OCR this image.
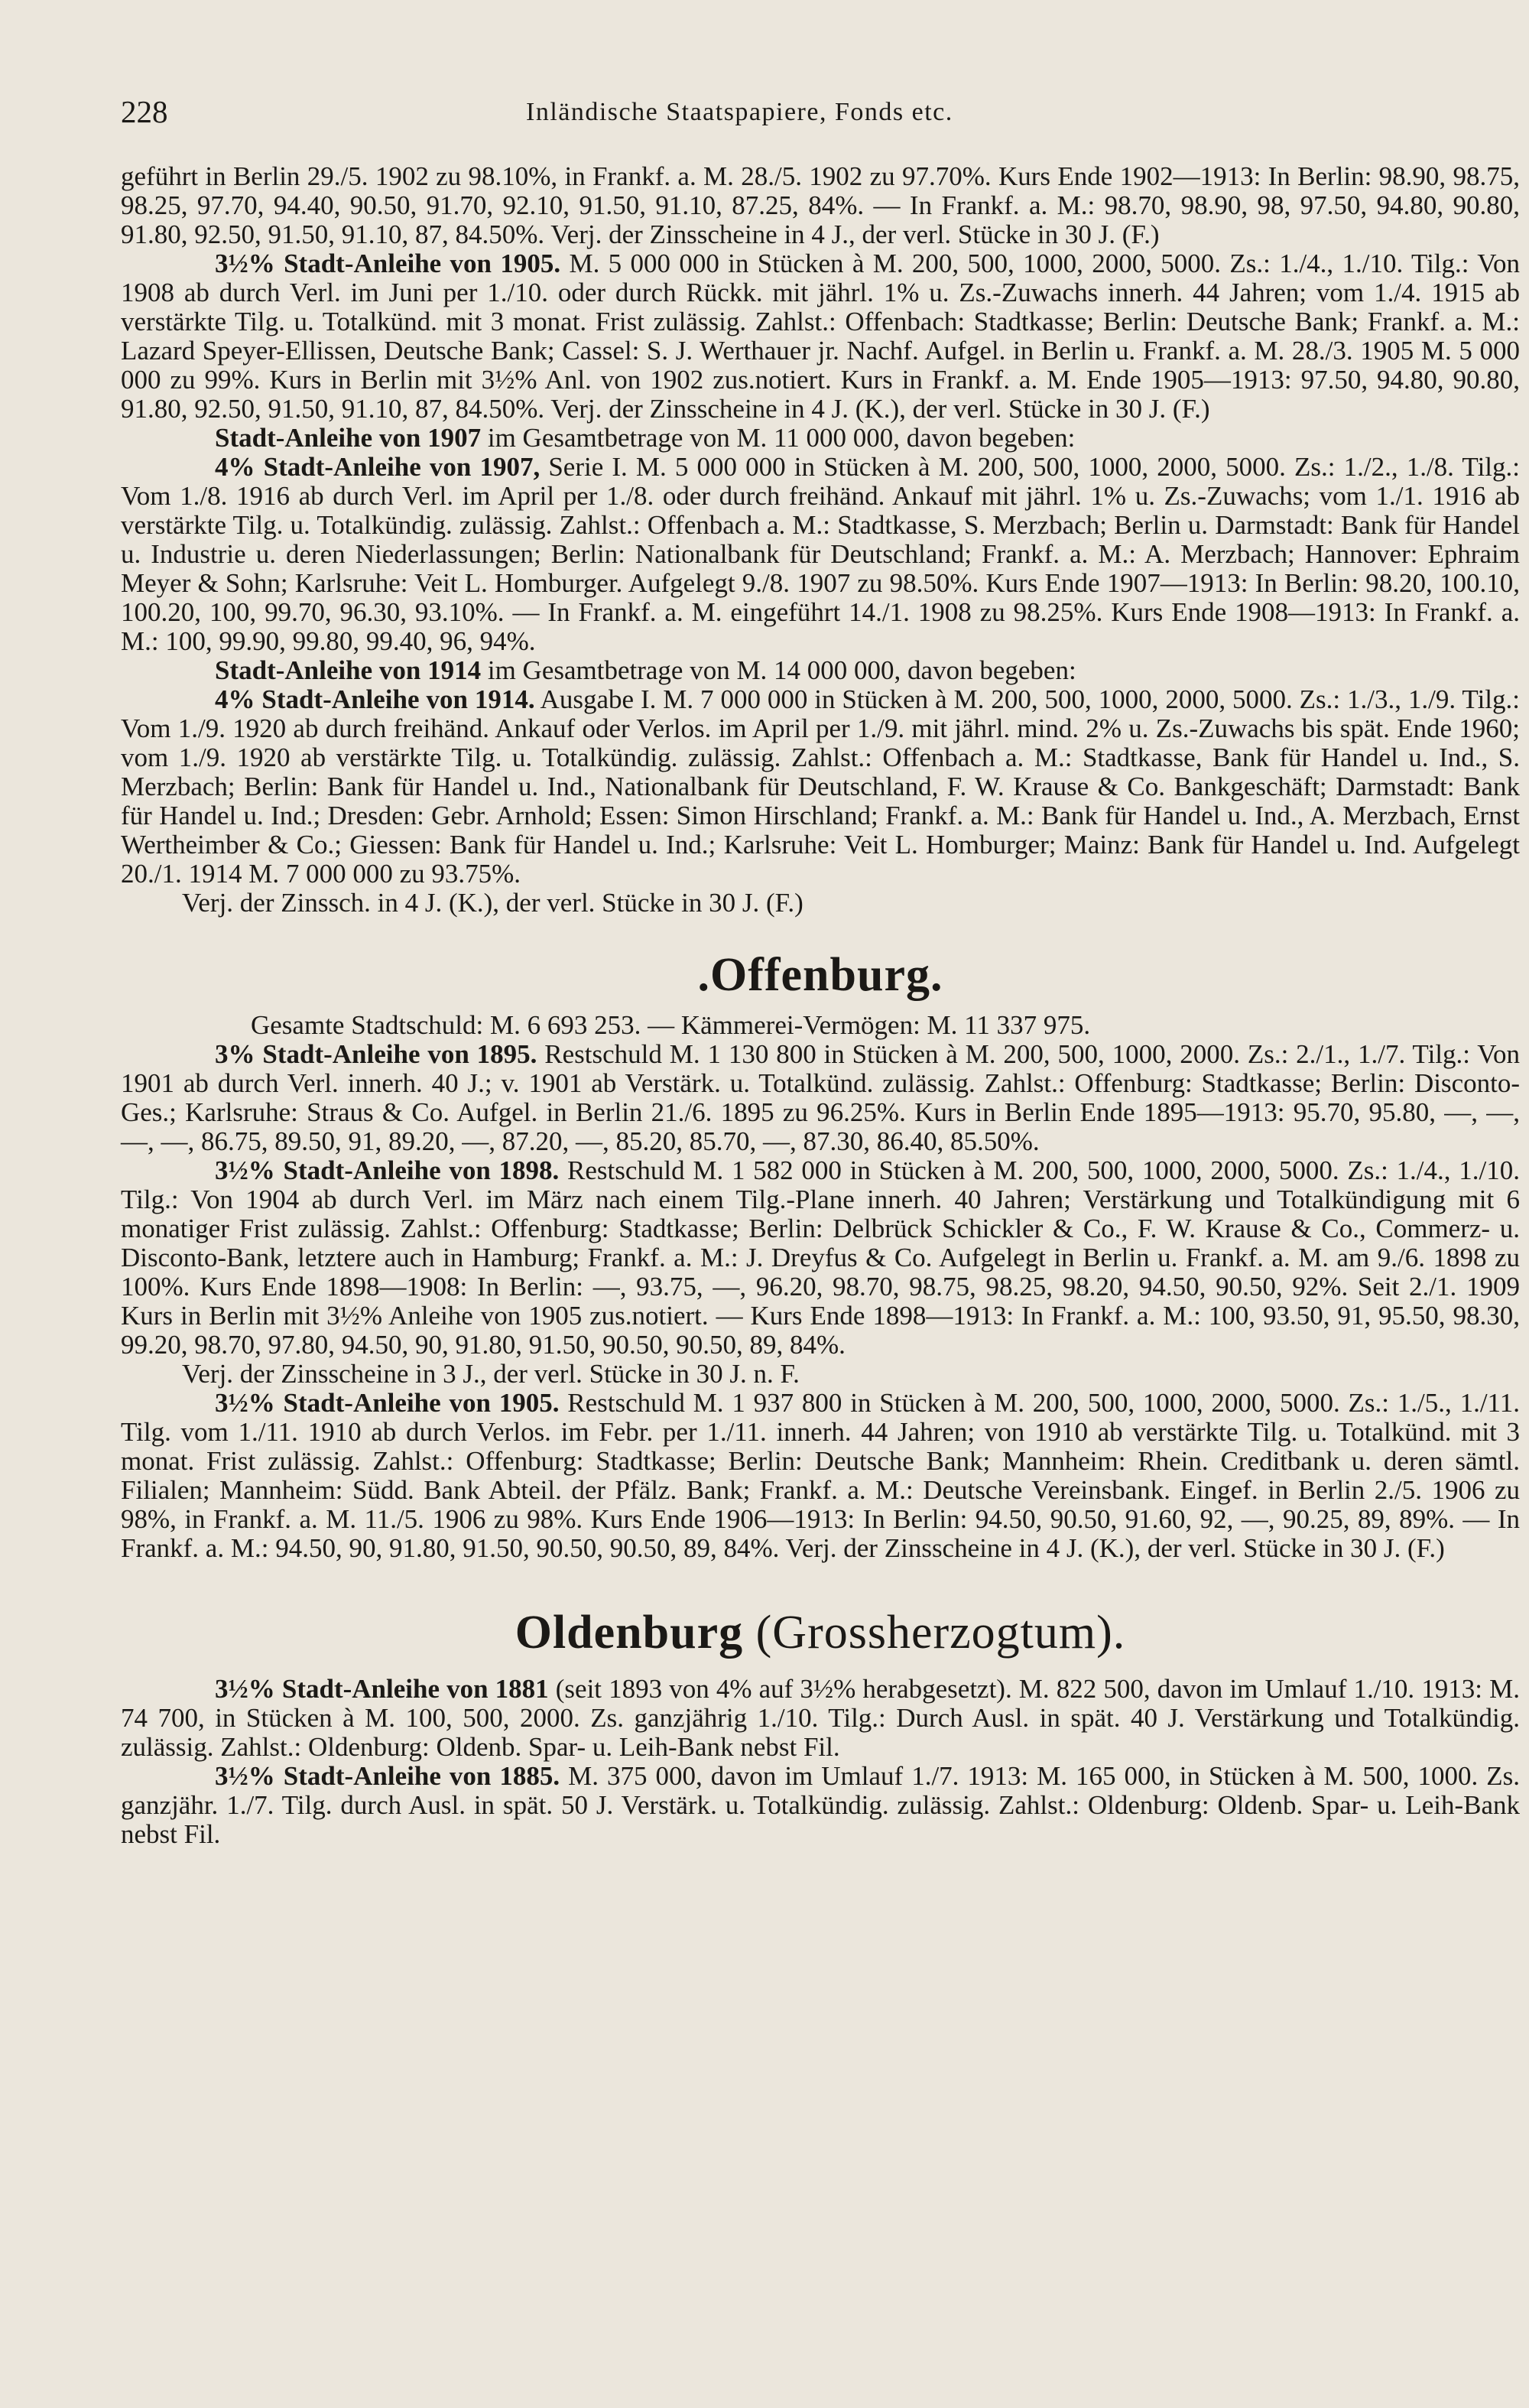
228	Inländische Staatspapiere, Fonds etc.

geführt in Berlin 29./5. 1902 zu 98.10%, in Frankf. a. M. 28./5. 1902 zu 97.70%. Kurs Ende 1902—1913: In Berlin: 98.90, 98.75, 98.25, 97.70, 94.40, 90.50, 91.70, 92.10, 91.50, 91.10, 87.25, 84%. — In Frankf. a. M.: 98.70, 98.90, 98, 97.50, 94.80, 90.80, 91.80, 92.50, 91.50, 91.10, 87, 84.50%. Verj. der Zinsscheine in 4 J., der verl. Stücke in 30 J. (F.)

3½% Stadt-Anleihe von 1905. M. 5 000 000 in Stücken à M. 200, 500, 1000, 2000, 5000. Zs.: 1./4., 1./10. Tilg.: Von 1908 ab durch Verl. im Juni per 1./10. oder durch Rückk. mit jährl. 1% u. Zs.-Zuwachs innerh. 44 Jahren; vom 1./4. 1915 ab verstärkte Tilg. u. Totalkünd. mit 3 monat. Frist zulässig. Zahlst.: Offenbach: Stadtkasse; Berlin: Deutsche Bank; Frankf. a. M.: Lazard Speyer-Ellissen, Deutsche Bank; Cassel: S. J. Werthauer jr. Nachf. Aufgel. in Berlin u. Frankf. a. M. 28./3. 1905 M. 5 000 000 zu 99%. Kurs in Berlin mit 3½% Anl. von 1902 zus.notiert. Kurs in Frankf. a. M. Ende 1905—1913: 97.50, 94.80, 90.80, 91.80, 92.50, 91.50, 91.10, 87, 84.50%. Verj. der Zinsscheine in 4 J. (K.), der verl. Stücke in 30 J. (F.)

Stadt-Anleihe von 1907 im Gesamtbetrage von M. 11 000 000, davon begeben:

4% Stadt-Anleihe von 1907, Serie I. M. 5 000 000 in Stücken à M. 200, 500, 1000, 2000, 5000. Zs.: 1./2., 1./8. Tilg.: Vom 1./8. 1916 ab durch Verl. im April per 1./8. oder durch freihänd. Ankauf mit jährl. 1% u. Zs.-Zuwachs; vom 1./1. 1916 ab verstärkte Tilg. u. Totalkündig. zulässig. Zahlst.: Offenbach a. M.: Stadtkasse, S. Merzbach; Berlin u. Darmstadt: Bank für Handel u. Industrie u. deren Niederlassungen; Berlin: Nationalbank für Deutschland; Frankf. a. M.: A. Merzbach; Hannover: Ephraim Meyer & Sohn; Karlsruhe: Veit L. Homburger. Aufgelegt 9./8. 1907 zu 98.50%. Kurs Ende 1907—1913: In Berlin: 98.20, 100.10, 100.20, 100, 99.70, 96.30, 93.10%. — In Frankf. a. M. eingeführt 14./1. 1908 zu 98.25%. Kurs Ende 1908—1913: In Frankf. a. M.: 100, 99.90, 99.80, 99.40, 96, 94%.

Stadt-Anleihe von 1914 im Gesamtbetrage von M. 14 000 000, davon begeben:

4% Stadt-Anleihe von 1914. Ausgabe I. M. 7 000 000 in Stücken à M. 200, 500, 1000, 2000, 5000. Zs.: 1./3., 1./9. Tilg.: Vom 1./9. 1920 ab durch freihänd. Ankauf oder Verlos. im April per 1./9. mit jährl. mind. 2% u. Zs.-Zuwachs bis spät. Ende 1960; vom 1./9. 1920 ab verstärkte Tilg. u. Totalkündig. zulässig. Zahlst.: Offenbach a. M.: Stadtkasse, Bank für Handel u. Ind., S. Merzbach; Berlin: Bank für Handel u. Ind., Nationalbank für Deutschland, F. W. Krause & Co. Bankgeschäft; Darmstadt: Bank für Handel u. Ind.; Dresden: Gebr. Arnhold; Essen: Simon Hirschland; Frankf. a. M.: Bank für Handel u. Ind., A. Merzbach, Ernst Wertheimber & Co.; Giessen: Bank für Handel u. Ind.; Karlsruhe: Veit L. Homburger; Mainz: Bank für Handel u. Ind. Aufgelegt 20./1. 1914 M. 7 000 000 zu 93.75%.

Verj. der Zinssch. in 4 J. (K.), der verl. Stücke in 30 J. (F.)

.Offenburg.

Gesamte Stadtschuld: M. 6 693 253. — Kämmerei-Vermögen: M. 11 337 975.

3% Stadt-Anleihe von 1895. Restschuld M. 1 130 800 in Stücken à M. 200, 500, 1000, 2000. Zs.: 2./1., 1./7. Tilg.: Von 1901 ab durch Verl. innerh. 40 J.; v. 1901 ab Verstärk. u. Totalkünd. zulässig. Zahlst.: Offenburg: Stadtkasse; Berlin: Disconto-Ges.; Karlsruhe: Straus & Co. Aufgel. in Berlin 21./6. 1895 zu 96.25%. Kurs in Berlin Ende 1895—1913: 95.70, 95.80, —, —, —, —, 86.75, 89.50, 91, 89.20, —, 87.20, —, 85.20, 85.70, —, 87.30, 86.40, 85.50%.

3½% Stadt-Anleihe von 1898. Restschuld M. 1 582 000 in Stücken à M. 200, 500, 1000, 2000, 5000. Zs.: 1./4., 1./10. Tilg.: Von 1904 ab durch Verl. im März nach einem Tilg.-Plane innerh. 40 Jahren; Verstärkung und Totalkündigung mit 6 monatiger Frist zulässig. Zahlst.: Offenburg: Stadtkasse; Berlin: Delbrück Schickler & Co., F. W. Krause & Co., Commerz- u. Disconto-Bank, letztere auch in Hamburg; Frankf. a. M.: J. Dreyfus & Co. Aufgelegt in Berlin u. Frankf. a. M. am 9./6. 1898 zu 100%. Kurs Ende 1898—1908: In Berlin: —, 93.75, —, 96.20, 98.70, 98.75, 98.25, 98.20, 94.50, 90.50, 92%. Seit 2./1. 1909 Kurs in Berlin mit 3½% Anleihe von 1905 zus.notiert. — Kurs Ende 1898—1913: In Frankf. a. M.: 100, 93.50, 91, 95.50, 98.30, 99.20, 98.70, 97.80, 94.50, 90, 91.80, 91.50, 90.50, 90.50, 89, 84%.

Verj. der Zinsscheine in 3 J., der verl. Stücke in 30 J. n. F.

3½% Stadt-Anleihe von 1905. Restschuld M. 1 937 800 in Stücken à M. 200, 500, 1000, 2000, 5000. Zs.: 1./5., 1./11. Tilg. vom 1./11. 1910 ab durch Verlos. im Febr. per 1./11. innerh. 44 Jahren; von 1910 ab verstärkte Tilg. u. Totalkünd. mit 3 monat. Frist zulässig. Zahlst.: Offenburg: Stadtkasse; Berlin: Deutsche Bank; Mannheim: Rhein. Creditbank u. deren sämtl. Filialen; Mannheim: Südd. Bank Abteil. der Pfälz. Bank; Frankf. a. M.: Deutsche Vereinsbank. Eingef. in Berlin 2./5. 1906 zu 98%, in Frankf. a. M. 11./5. 1906 zu 98%. Kurs Ende 1906—1913: In Berlin: 94.50, 90.50, 91.60, 92, —, 90.25, 89, 89%. — In Frankf. a. M.: 94.50, 90, 91.80, 91.50, 90.50, 90.50, 89, 84%. Verj. der Zinsscheine in 4 J. (K.), der verl. Stücke in 30 J. (F.)

Oldenburg (Grossherzogtum).

3½% Stadt-Anleihe von 1881 (seit 1893 von 4% auf 3½% herabgesetzt). M. 822 500, davon im Umlauf 1./10. 1913: M. 74 700, in Stücken à M. 100, 500, 2000. Zs. ganzjährig 1./10. Tilg.: Durch Ausl. in spät. 40 J. Verstärkung und Totalkündig. zulässig. Zahlst.: Oldenburg: Oldenb. Spar- u. Leih-Bank nebst Fil.

3½% Stadt-Anleihe von 1885. M. 375 000, davon im Umlauf 1./7. 1913: M. 165 000, in Stücken à M. 500, 1000. Zs. ganzjähr. 1./7. Tilg. durch Ausl. in spät. 50 J. Verstärk. u. Totalkündig. zulässig. Zahlst.: Oldenburg: Oldenb. Spar- u. Leih-Bank nebst Fil.
